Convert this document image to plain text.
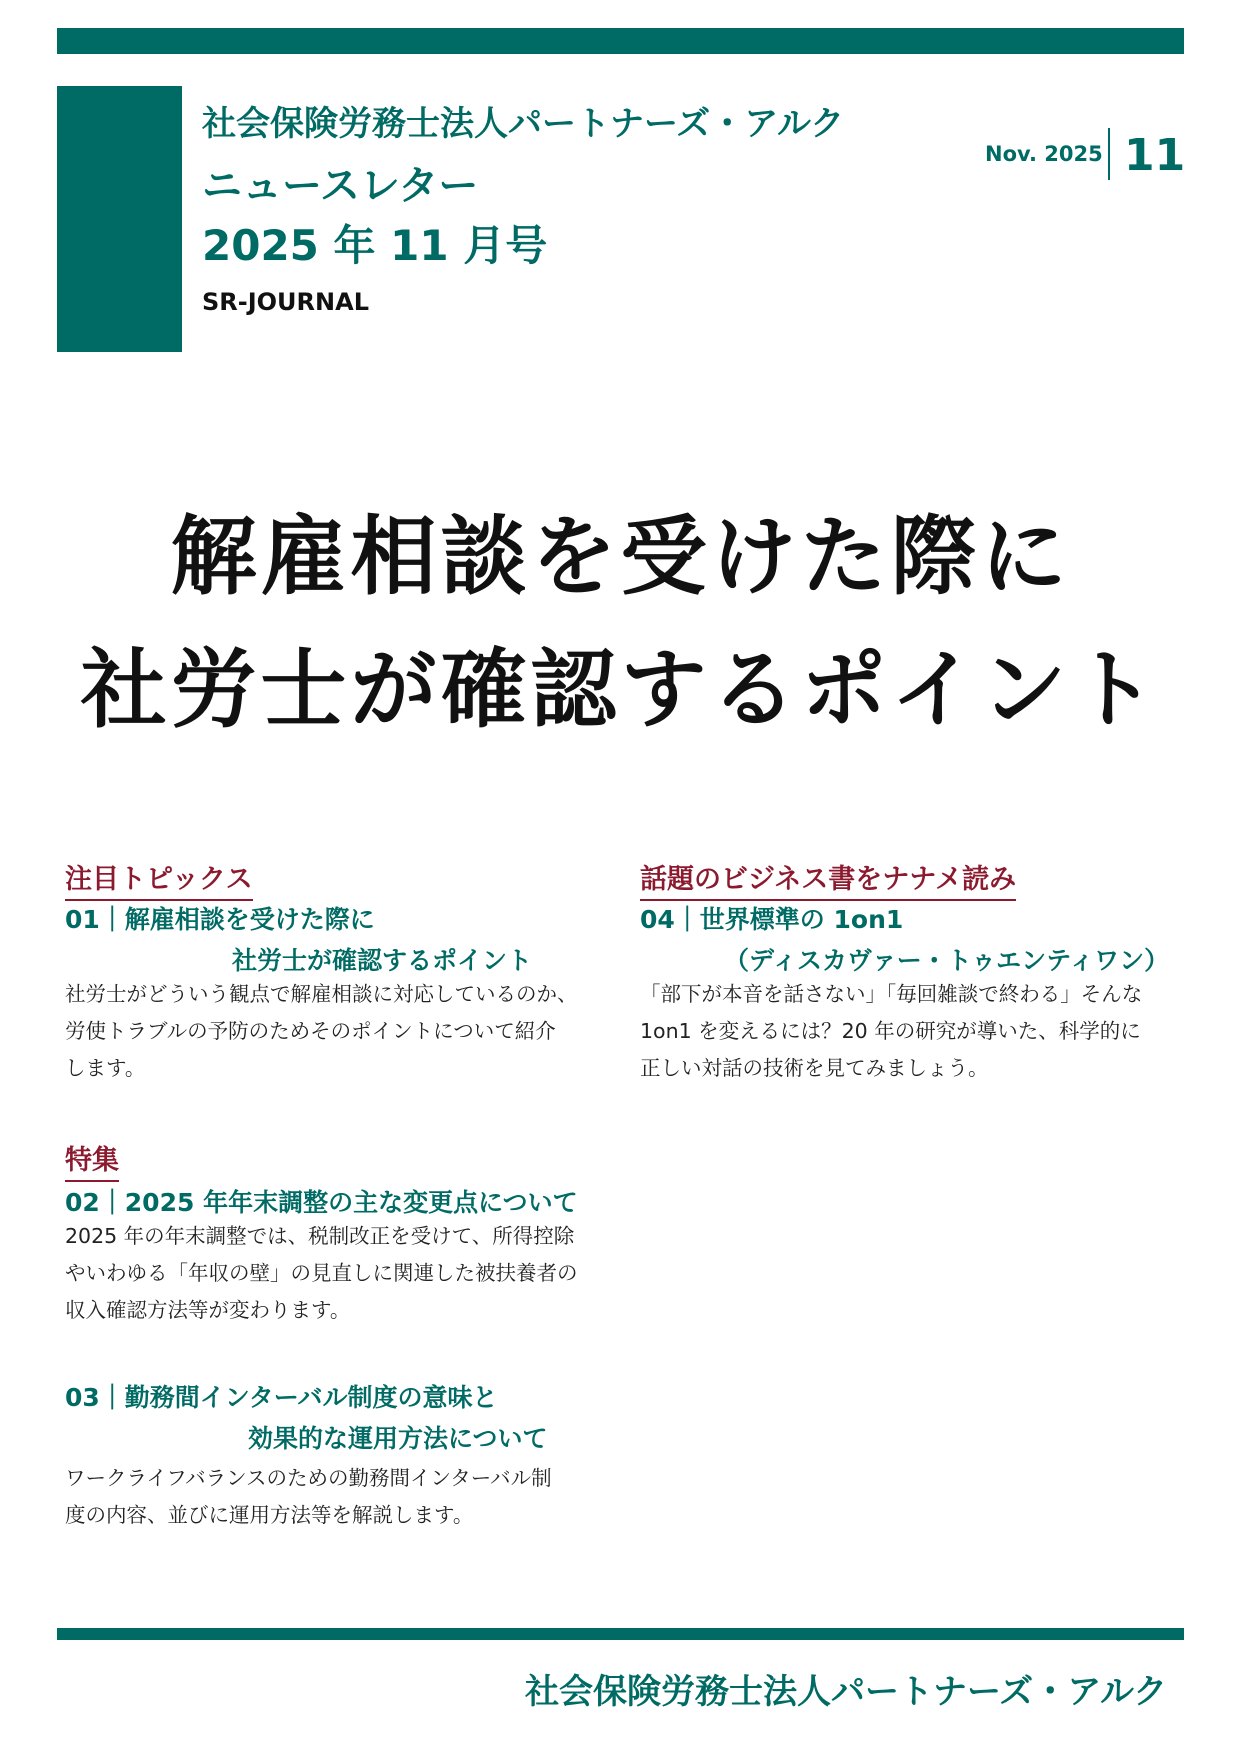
社会保険労務士法人パートナーズ・アルク
ニュースレター
2025 年 11 月号
SR-JOURNAL
Nov. 2025 11
解雇相談を受けた際に
社労士が確認するポイント
注目トピックス
01｜解雇相談を受けた際に
社労士が確認するポイント
社労士がどういう観点で解雇相談に対応しているのか、
労使トラブルの予防のためそのポイントについて紹介
します。
特集
02｜2025 年年末調整の主な変更点について
2025 年の年末調整では、税制改正を受けて、所得控除
やいわゆる「年収の壁」の見直しに関連した被扶養者の
収入確認方法等が変わります。
03｜勤務間インターバル制度の意味と
効果的な運用方法について
ワークライフバランスのための勤務間インターバル制
度の内容、並びに運用方法等を解説します。
話題のビジネス書をナナメ読み
04｜世界標準の 1on1
（ディスカヴァー・トゥエンティワン）
「部下が本音を話さない」「毎回雑談で終わる」そんな
1on1 を変えるには？20 年の研究が導いた、科学的に
正しい対話の技術を見てみましょう。
社会保険労務士法人パートナーズ・アルク
